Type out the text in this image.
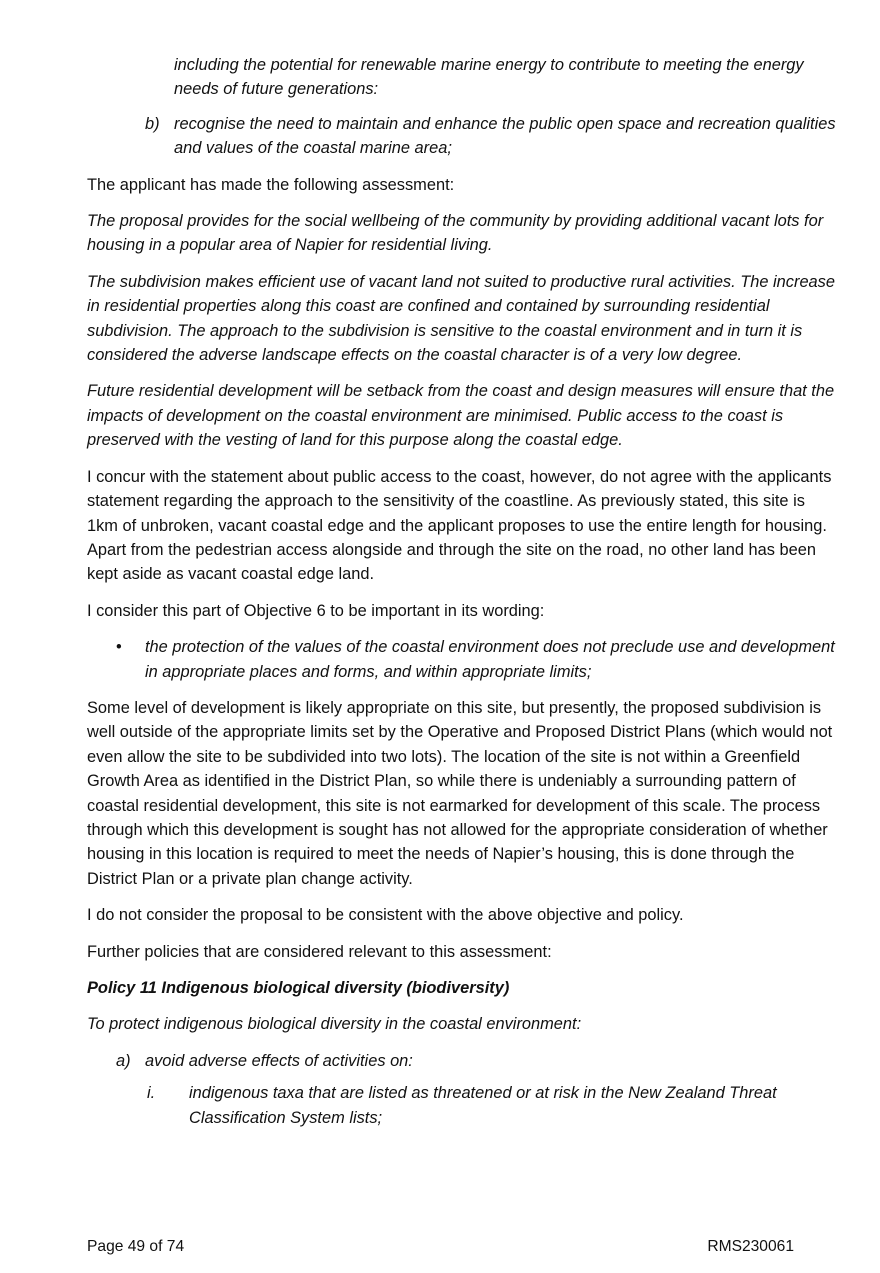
including the potential for renewable marine energy to contribute to meeting the energy needs of future generations:
b) recognise the need to maintain and enhance the public open space and recreation qualities and values of the coastal marine area;

The applicant has made the following assessment:

The proposal provides for the social wellbeing of the community by providing additional vacant lots for housing in a popular area of Napier for residential living.

The subdivision makes efficient use of vacant land not suited to productive rural activities. The increase in residential properties along this coast are confined and contained by surrounding residential subdivision. The approach to the subdivision is sensitive to the coastal environment and in turn it is considered the adverse landscape effects on the coastal character is of a very low degree.

Future residential development will be setback from the coast and design measures will ensure that the impacts of development on the coastal environment are minimised. Public access to the coast is preserved with the vesting of land for this purpose along the coastal edge.

I concur with the statement about public access to the coast, however, do not agree with the applicants statement regarding the approach to the sensitivity of the coastline. As previously stated, this site is 1km of unbroken, vacant coastal edge and the applicant proposes to use the entire length for housing. Apart from the pedestrian access alongside and through the site on the road, no other land has been kept aside as vacant coastal edge land.

I consider this part of Objective 6 to be important in its wording:

• the protection of the values of the coastal environment does not preclude use and development in appropriate places and forms, and within appropriate limits;

Some level of development is likely appropriate on this site, but presently, the proposed subdivision is well outside of the appropriate limits set by the Operative and Proposed District Plans (which would not even allow the site to be subdivided into two lots). The location of the site is not within a Greenfield Growth Area as identified in the District Plan, so while there is undeniably a surrounding pattern of coastal residential development, this site is not earmarked for development of this scale. The process through which this development is sought has not allowed for the appropriate consideration of whether housing in this location is required to meet the needs of Napier’s housing, this is done through the District Plan or a private plan change activity.

I do not consider the proposal to be consistent with the above objective and policy.

Further policies that are considered relevant to this assessment:

Policy 11 Indigenous biological diversity (biodiversity)

To protect indigenous biological diversity in the coastal environment:

a) avoid adverse effects of activities on:
i. indigenous taxa that are listed as threatened or at risk in the New Zealand Threat Classification System lists;
Page 49 of 74	RMS230061
